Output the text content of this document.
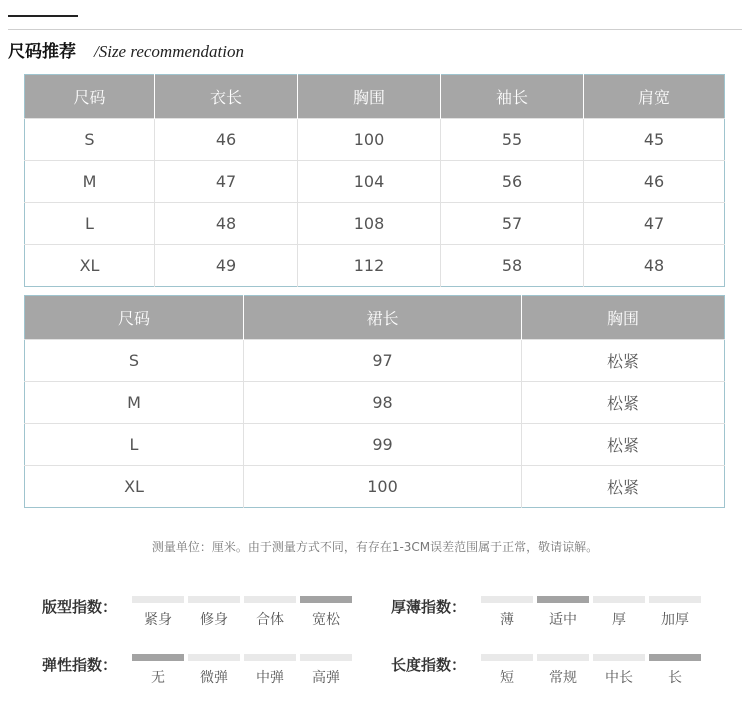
尺码推荐 /Size recommendation
尺码	衣长	胸围	袖长	肩宽
S	46	100	55	45
M	47	104	56	46
L	48	108	57	47
XL	49	112	58	48
尺码	裙长	胸围
S	97	松紧
M	98	松紧
L	99	松紧
XL	100	松紧
测量单位：厘米。由于测量方式不同，有存在1-3CM误差范围属于正常，敬请谅解。
版型指数：
紧身	修身	合体	宽松
厚薄指数：
薄	适中	厚	加厚
弹性指数：
无	微弹	中弹	高弹
长度指数：
短	常规	中长	长
